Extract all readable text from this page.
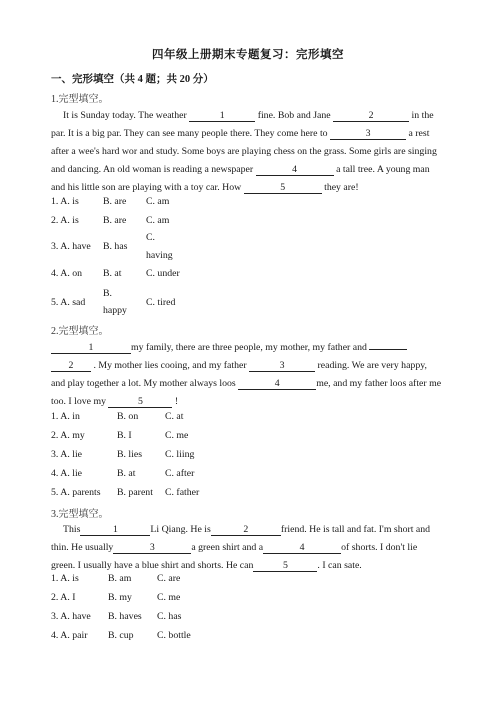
四年级上册期末专题复习：完形填空
一、完形填空（共 4 题；共 20 分）
1.完型填空。
It is Sunday today. The weather	1	fine. Bob and Jane	2	in the par. It is a big par. They can see many people there. They come here to	3	a rest after a wee's hard wor and study. Some boys are playing chess on the grass. Some girls are singing and dancing. An old woman is reading a newspaper	4	a tall tree. A young man and his little son are playing with a toy car. How	5	they are!
1. A. is B. are C. am
2. A. is B. are C. am
3. A. have B. has
C.
having
4. A. on B. at C. under
5. A. sad
B.
happy
C. tired
2.完型填空。
1	my family, there are three people, my mother, my father and
2 . My mother lies cooing, and my father	3	reading. We are very happy, and play together a lot. My mother always loos	4	me, and my father loos after me too. I love my	5	!
1. A. in	B. on	C. at
2. A. my	B. I	C. me
3. A. lie	B. lies C. liing
4. A. lie	B. at	C. after
5. A. parents B. parent C. father
3.完型填空。
This	1	Li Qiang. He is	2	friend. He is tall and fat. I'm short and thin. He usually	3	a green shirt and a	4	of shorts. I don't lie green. I usually have a blue shirt and shorts. He can	5	. I can sate.
1. A. is	B. am	C. are
2. A. I	B. my	C. me
3. A. have B. haves C. has
4. A. pair B. cup C. bottle
